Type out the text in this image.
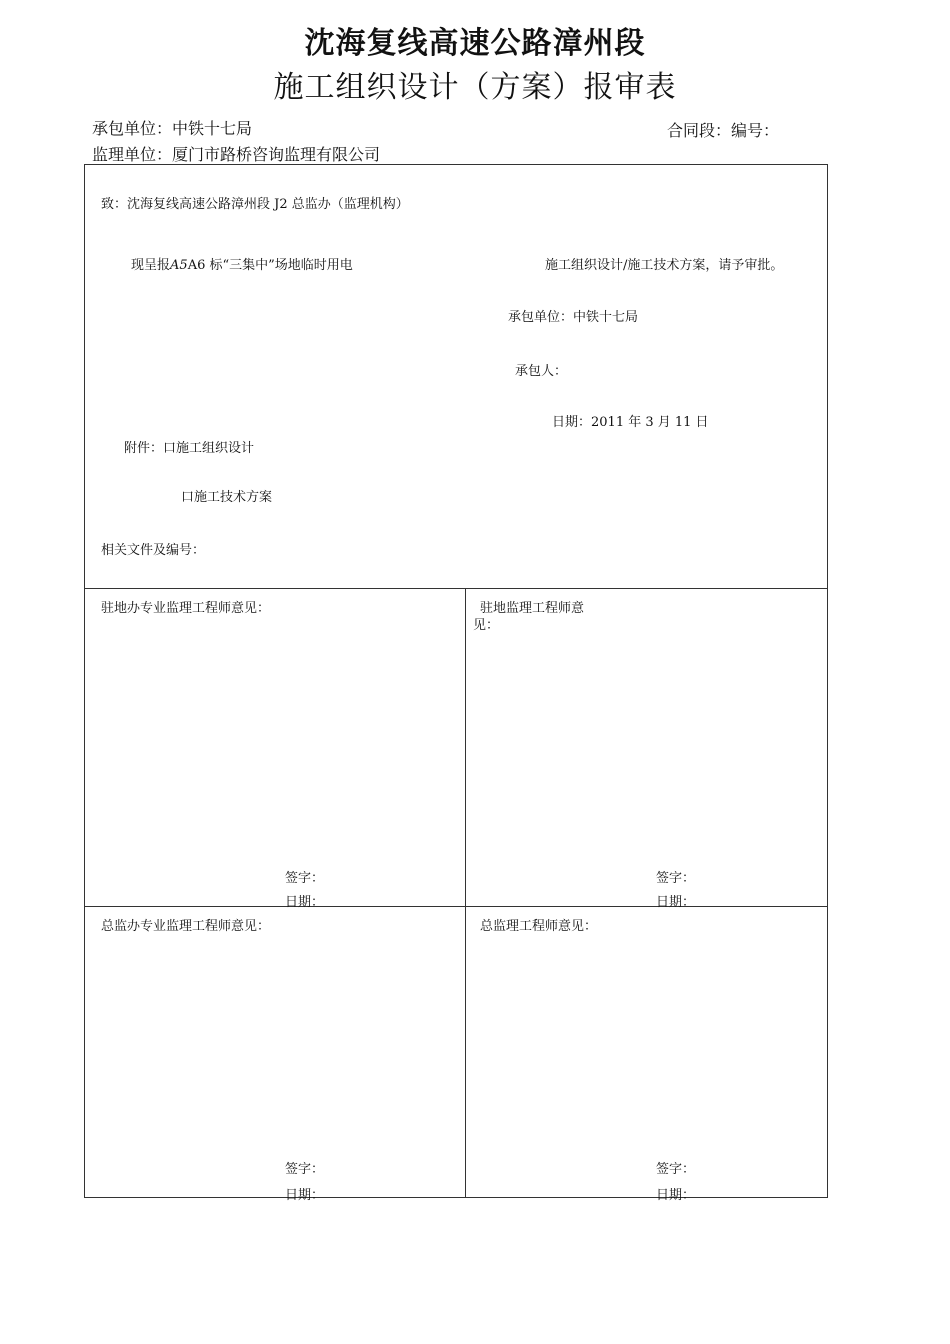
沈海复线高速公路漳州段
施工组织设计（方案）报审表
承包单位：中铁十七局	合同段：编号：
监理单位：厦门市路桥咨询监理有限公司
致：沈海复线高速公路漳州段 J2 总监办（监理机构）
现呈报A5A6 标“三集中”场地临时用电	施工组织设计/施工技术方案，请予审批。
承包单位：中铁十七局
承包人：
日期：2011 年 3 月 11 日
附件：口施工组织设计
口施工技术方案
相关文件及编号：
驻地办专业监理工程师意见：	驻地监理工程师意
见：
签字：
日期：
签字：
日期：
总监办专业监理工程师意见：	总监理工程师意见：
签字：
日期：
签字：
日期：
